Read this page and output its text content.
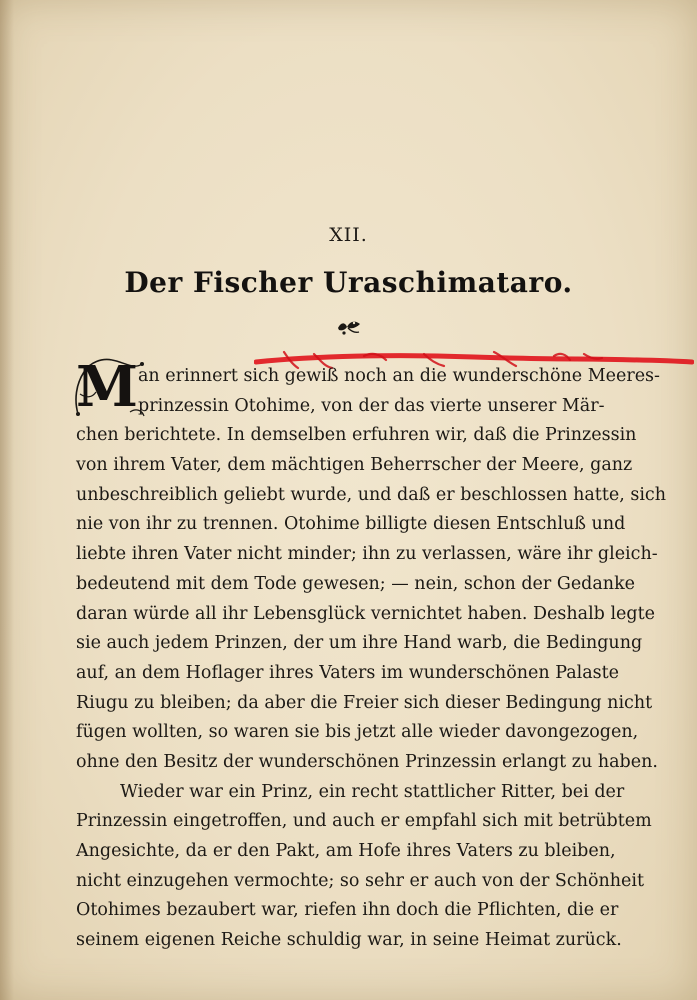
XII.
Der Fischer Uraschimataro.
M an erinnert sich gewiß noch an die wunderschöne Meeres-
prinzessin Otohime, von der das vierte unserer Mär-
chen berichtete. In demselben erfuhren wir, daß die Prinzessin
von ihrem Vater, dem mächtigen Beherrscher der Meere, ganz
unbeschreiblich geliebt wurde, und daß er beschlossen hatte, sich
nie von ihr zu trennen. Otohime billigte diesen Entschluß und
liebte ihren Vater nicht minder; ihn zu verlassen, wäre ihr gleich-
bedeutend mit dem Tode gewesen; — nein, schon der Gedanke
daran würde all ihr Lebensglück vernichtet haben. Deshalb legte
sie auch jedem Prinzen, der um ihre Hand warb, die Bedingung
auf, an dem Hoflager ihres Vaters im wunderschönen Palaste
Riugu zu bleiben; da aber die Freier sich dieser Bedingung nicht
fügen wollten, so waren sie bis jetzt alle wieder davongezogen,
ohne den Besitz der wunderschönen Prinzessin erlangt zu haben.
Wieder war ein Prinz, ein recht stattlicher Ritter, bei der
Prinzessin eingetroffen, und auch er empfahl sich mit betrübtem
Angesichte, da er den Pakt, am Hofe ihres Vaters zu bleiben,
nicht einzugehen vermochte; so sehr er auch von der Schönheit
Otohimes bezaubert war, riefen ihn doch die Pflichten, die er
seinem eigenen Reiche schuldig war, in seine Heimat zurück.
